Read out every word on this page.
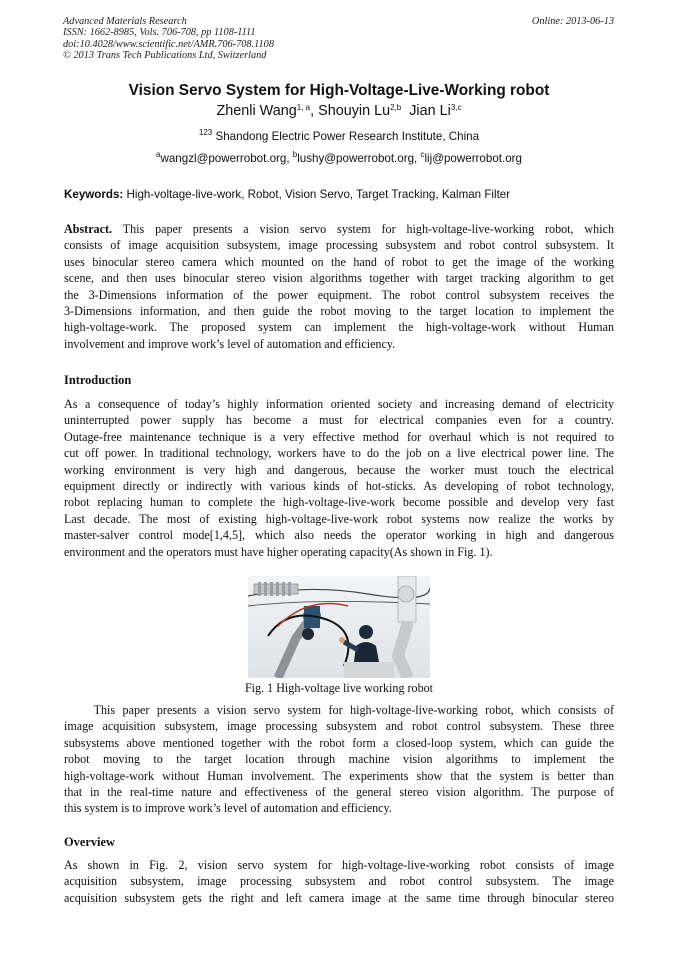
Advanced Materials Research
ISSN: 1662-8985, Vols. 706-708, pp 1108-1111
doi:10.4028/www.scientific.net/AMR.706-708.1108
© 2013 Trans Tech Publications Ltd, Switzerland
Online: 2013-06-13
Vision Servo System for High-Voltage-Live-Working robot
Zhenli Wang$^{1, a}$, Shouyin Lu$^{2,b}$ Jian Li$^{3,c}$
$^{123}$ Shandong Electric Power Research Institute, China
$^a$wangzl@powerrobot.org, $^b$lushy@powerrobot.org, $^c$lij@powerrobot.org
Keywords: High-voltage-live-work, Robot, Vision Servo, Target Tracking, Kalman Filter
Abstract. This paper presents a vision servo system for high-voltage-live-working robot, which
consists of image acquisition subsystem, image processing subsystem and robot control subsystem. It
uses binocular stereo camera which mounted on the hand of robot to get the image of the working
scene, and then uses binocular stereo vision algorithms together with target tracking algorithm to get
the 3-Dimensions information of the power equipment. The robot control subsystem receives the
3-Dimensions information, and then guide the robot moving to the target location to implement the
high-voltage-work. The proposed system can implement the high-voltage-work without Human
involvement and improve work’s level of automation and efficiency.
Introduction
As a consequence of today’s highly information oriented society and increasing demand of electricity
uninterrupted power supply has become a must for electrical companies even for a country.
Outage-free maintenance technique is a very effective method for overhaul which is not required to
cut off power. In traditional technology, workers have to do the job on a live electrical power line. The
working environment is very high and dangerous, because the worker must touch the electrical
equipment directly or indirectly with various kinds of hot-sticks. As developing of robot technology,
robot replacing human to complete the high-voltage-live-work become possible and develop very fast
Last decade. The most of existing high-voltage-live-work robot systems now realize the works by
master-salver control mode[1,4,5], which also needs the operator working in high and dangerous
environment and the operators must have higher operating capacity(As shown in Fig. 1).
Fig. 1 High-voltage live working robot
This paper presents a vision servo system for high-voltage-live-working robot, which consists of
image acquisition subsystem, image processing subsystem and robot control subsystem. These three
subsystems above mentioned together with the robot form a closed-loop system, which can guide the
robot moving to the target location through machine vision algorithms to implement the
high-voltage-work without Human involvement. The experiments show that the system is better than
that in the real-time nature and effectiveness of the general stereo vision algorithm. The purpose of
this system is to improve work’s level of automation and efficiency.
Overview
As shown in Fig. 2, vision servo system for high-voltage-live-working robot consists of image
acquisition subsystem, image processing subsystem and robot control subsystem. The image
acquisition subsystem gets the right and left camera image at the same time through binocular stereo
